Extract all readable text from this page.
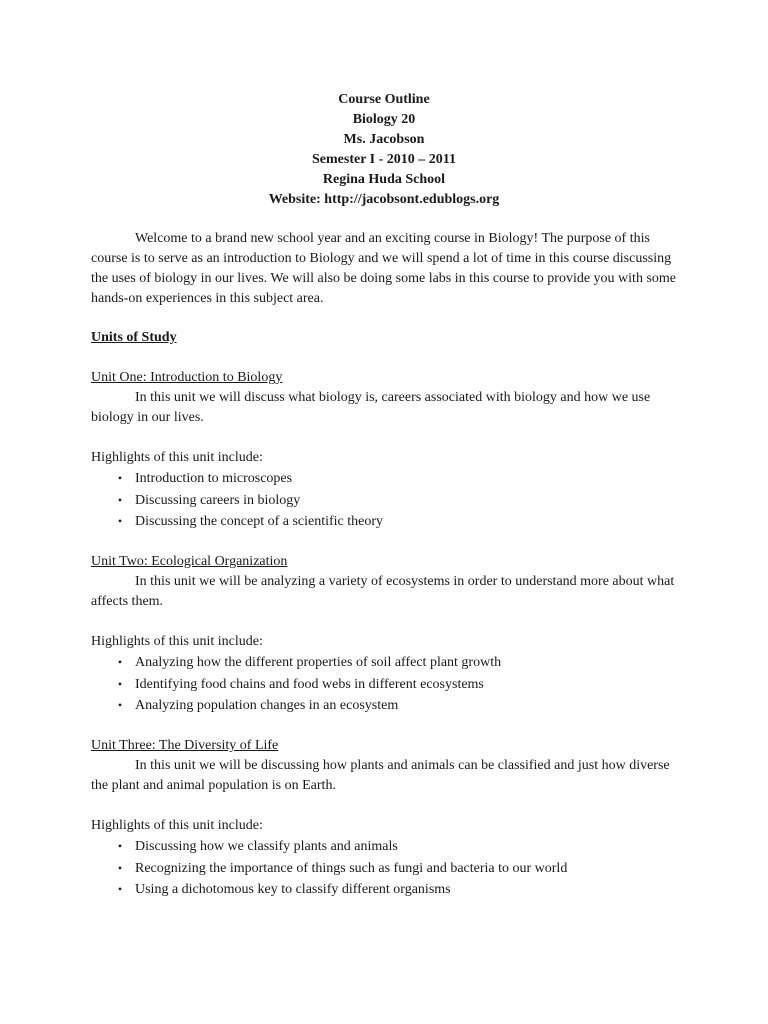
Course Outline
Biology 20
Ms. Jacobson
Semester I - 2010 – 2011
Regina Huda School
Website: http://jacobsont.edublogs.org
Welcome to a brand new school year and an exciting course in Biology! The purpose of this course is to serve as an introduction to Biology and we will spend a lot of time in this course discussing the uses of biology in our lives. We will also be doing some labs in this course to provide you with some hands-on experiences in this subject area.
Units of Study
Unit One: Introduction to Biology
In this unit we will discuss what biology is, careers associated with biology and how we use biology in our lives.
Highlights of this unit include:
• Introduction to microscopes
• Discussing careers in biology
• Discussing the concept of a scientific theory
Unit Two: Ecological Organization
In this unit we will be analyzing a variety of ecosystems in order to understand more about what affects them.
Highlights of this unit include:
• Analyzing how the different properties of soil affect plant growth
• Identifying food chains and food webs in different ecosystems
• Analyzing population changes in an ecosystem
Unit Three: The Diversity of Life
In this unit we will be discussing how plants and animals can be classified and just how diverse the plant and animal population is on Earth.
Highlights of this unit include:
• Discussing how we classify plants and animals
• Recognizing the importance of things such as fungi and bacteria to our world
• Using a dichotomous key to classify different organisms
